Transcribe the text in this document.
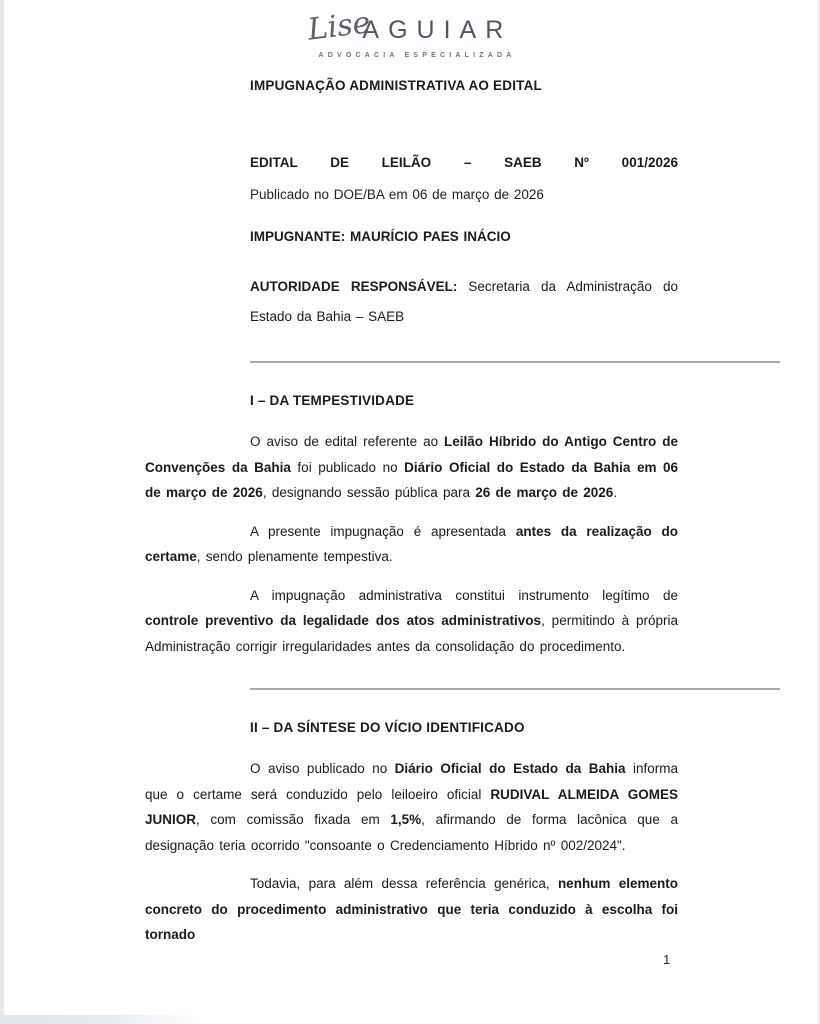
LiseAGUIAR
ADVOCACIA ESPECIALIZADA
IMPUGNAÇÃO ADMINISTRATIVA AO EDITAL

EDITAL DE LEILÃO – SAEB Nº 001/2026

Publicado no DOE/BA em 06 de março de 2026

IMPUGNANTE: MAURÍCIO PAES INÁCIO

AUTORIDADE RESPONSÁVEL: Secretaria da Administração do Estado da Bahia – SAEB

I – DA TEMPESTIVIDADE

O aviso de edital referente ao Leilão Híbrido do Antigo Centro de Convenções da Bahia foi publicado no Diário Oficial do Estado da Bahia em 06 de março de 2026, designando sessão pública para 26 de março de 2026.

A presente impugnação é apresentada antes da realização do certame, sendo plenamente tempestiva.

A impugnação administrativa constitui instrumento legítimo de controle preventivo da legalidade dos atos administrativos, permitindo à própria Administração corrigir irregularidades antes da consolidação do procedimento.

II – DA SÍNTESE DO VÍCIO IDENTIFICADO

O aviso publicado no Diário Oficial do Estado da Bahia informa que o certame será conduzido pelo leiloeiro oficial RUDIVAL ALMEIDA GOMES JUNIOR, com comissão fixada em 1,5%, afirmando de forma lacônica que a designação teria ocorrido "consoante o Credenciamento Híbrido nº 002/2024".

Todavia, para além dessa referência genérica, nenhum elemento concreto do procedimento administrativo que teria conduzido à escolha foi tornado

1
